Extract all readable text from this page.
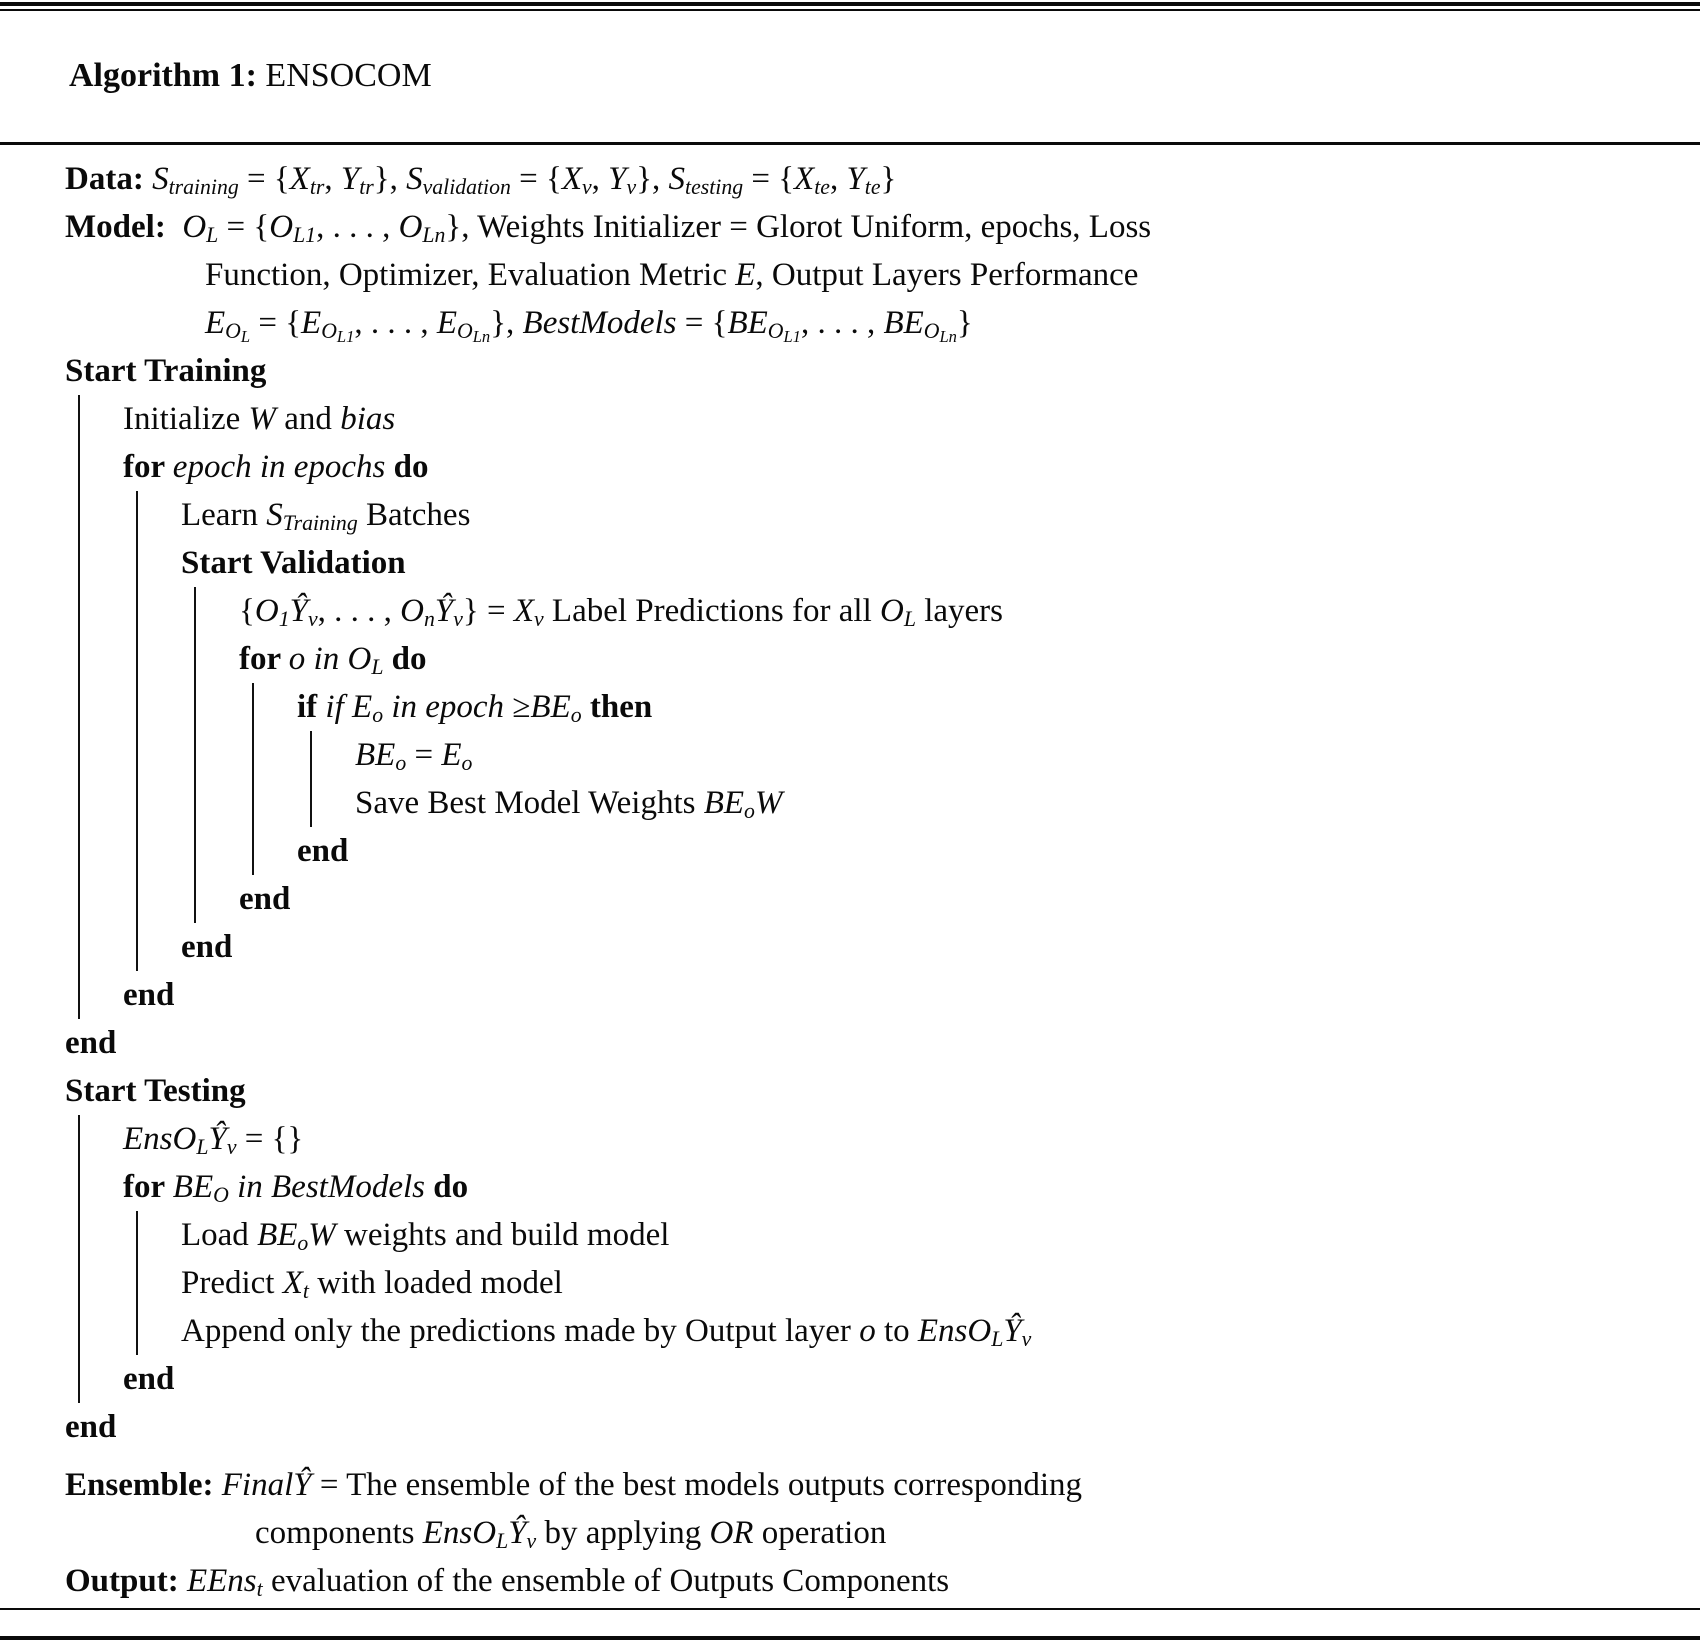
Algorithm 1: ENSOCOM

Data: Straining = {Xtr, Ytr}, Svalidation = {Xv, Yv}, Stesting = {Xte, Yte}
Model:  OL = {OL1, . . . , OLn}, Weights Initializer = Glorot Uniform, epochs, Loss
Function, Optimizer, Evaluation Metric E, Output Layers Performance
$EO_L = \{EO_{L1}$, . . . , $EO_{Ln}$}, BestModels = {$BEO_{L1}$, . . . , $BEO_{Ln}$}
Start Training
Initialize W and bias
for epoch in epochs do
Learn STraining Batches
Start Validation
{O1Ŷv, . . . , OnŶv} = Xv Label Predictions for all OL layers
for o in OL do
if if Eo in epoch ≥BEo then
BEo = Eo
Save Best Model Weights BEoW
end
end
end
end
end
Start Testing
EnsOLŶv = {}
for BEO in BestModels do
Load BEoW weights and build model
Predict Xt with loaded model
Append only the predictions made by Output layer o to EnsOLŶv
end
end
Ensemble: FinalŶ = The ensemble of the best models outputs corresponding
components EnsOLŶv by applying OR operation
Output: EEnst evaluation of the ensemble of Outputs Components
